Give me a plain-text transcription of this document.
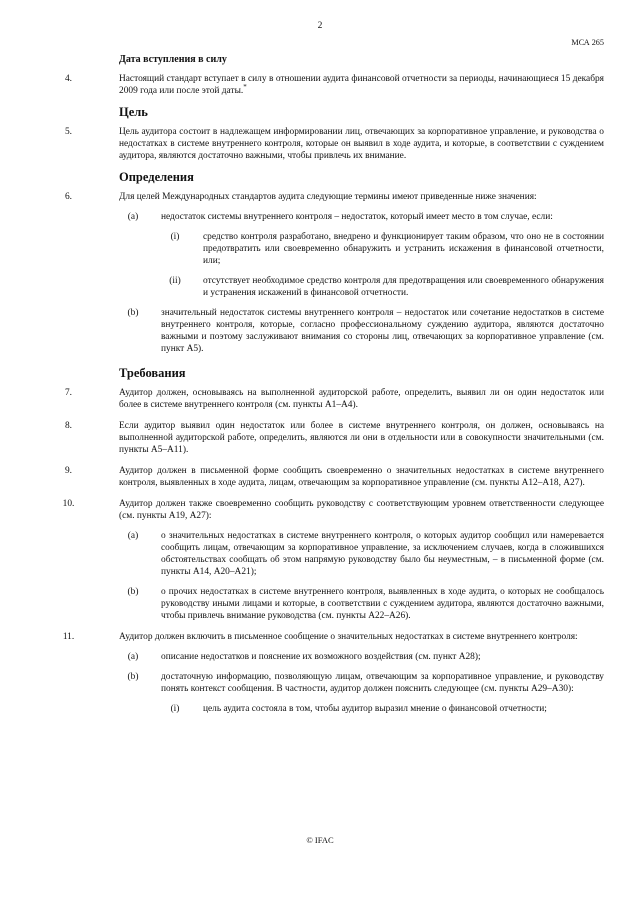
2
МСА 265
Дата вступления в силу
4.	Настоящий стандарт вступает в силу в отношении аудита финансовой отчетности за периоды, начинающиеся 15 декабря 2009 года или после этой даты.*
Цель
5.	Цель аудитора состоит в надлежащем информировании лиц, отвечающих за корпоративное управление, и руководства о недостатках в системе внутреннего контроля, которые он выявил в ходе аудита, и которые, в соответствии с суждением аудитора, являются достаточно важными, чтобы привлечь их внимание.
Определения
6.	Для целей Международных стандартов аудита следующие термины имеют приведенные ниже значения:
(a)	недостаток системы внутреннего контроля – недостаток, который имеет место в том случае, если:
(i)	средство контроля разработано, внедрено и функционирует таким образом, что оно не в состоянии предотвратить или своевременно обнаружить и устранить искажения в финансовой отчетности, или;
(ii)	отсутствует необходимое средство контроля для предотвращения или своевременного обнаружения и устранения искажений в финансовой отчетности.
(b)	значительный недостаток системы внутреннего контроля – недостаток или сочетание недостатков в системе внутреннего контроля, которые, согласно профессиональному суждению аудитора, являются достаточно важными и поэтому заслуживают внимания со стороны лиц, отвечающих за корпоративное управление (см. пункт А5).
Требования
7.	Аудитор должен, основываясь на выполненной аудиторской работе, определить, выявил ли он один недостаток или более в системе внутреннего контроля (см. пункты А1–А4).
8.	Если аудитор выявил один недостаток или более в системе внутреннего контроля, он должен, основываясь на выполненной аудиторской работе, определить, являются ли они в отдельности или в совокупности значительными (см. пункты А5–А11).
9.	Аудитор должен в письменной форме сообщить своевременно о значительных недостатках в системе внутреннего контроля, выявленных в ходе аудита, лицам, отвечающим за корпоративное управление (см. пункты А12–А18, А27).
10.	Аудитор должен также своевременно сообщить руководству с соответствующим уровнем ответственности следующее (см. пункты А19, А27):
(a)	о значительных недостатках в системе внутреннего контроля, о которых аудитор сообщил или намеревается сообщить лицам, отвечающим за корпоративное управление, за исключением случаев, когда в сложившихся обстоятельствах сообщать об этом напрямую руководству было бы неуместным, – в письменной форме (см. пункты А14, А20–А21);
(b)	о прочих недостатках в системе внутреннего контроля, выявленных в ходе аудита, о которых не сообщалось руководству иными лицами и которые, в соответствии с суждением аудитора, являются достаточно важными, чтобы привлечь внимание руководства (см. пункты А22–А26).
11.	Аудитор должен включить в письменное сообщение о значительных недостатках в системе внутреннего контроля:
(a)	описание недостатков и пояснение их возможного воздействия (см. пункт А28);
(b)	достаточную информацию, позволяющую лицам, отвечающим за корпоративное управление, и руководству понять контекст сообщения. В частности, аудитор должен пояснить следующее (см. пункты А29–А30):
(i)	цель аудита состояла в том, чтобы аудитор выразил мнение о финансовой отчетности;
© IFAC
